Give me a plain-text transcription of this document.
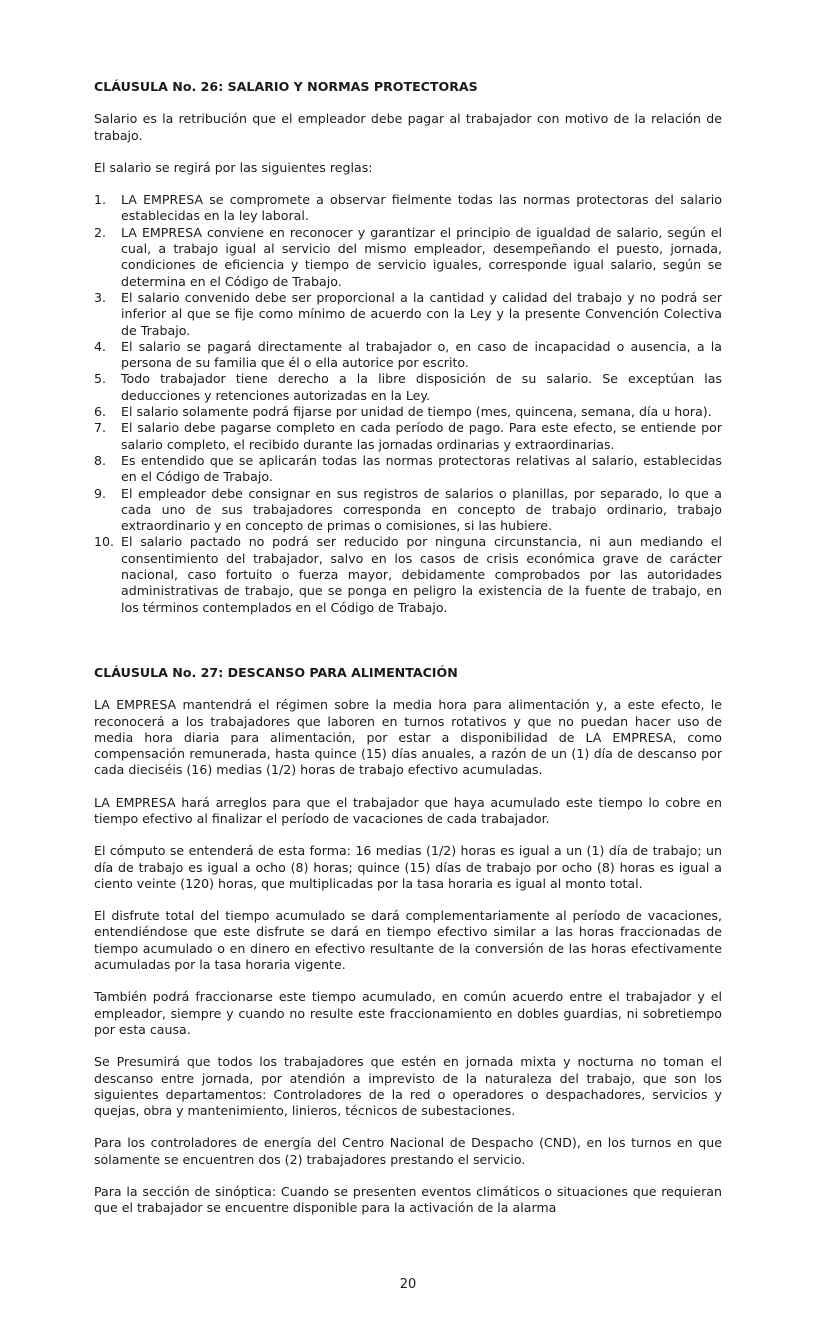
CLÁUSULA No. 26: SALARIO Y NORMAS PROTECTORAS

Salario es la retribución que el empleador debe pagar al trabajador con motivo de la relación de trabajo.

El salario se regirá por las siguientes reglas:

1. LA EMPRESA se compromete a observar fielmente todas las normas protectoras del salario establecidas en la ley laboral.
2. LA EMPRESA conviene en reconocer y garantizar el principio de igualdad de salario, según el cual, a trabajo igual al servicio del mismo empleador, desempeñando el puesto, jornada, condiciones de eficiencia y tiempo de servicio iguales, corresponde igual salario, según se determina en el Código de Trabajo.
3. El salario convenido debe ser proporcional a la cantidad y calidad del trabajo y no podrá ser inferior al que se fije como mínimo de acuerdo con la Ley y la presente Convención Colectiva de Trabajo.
4. El salario se pagará directamente al trabajador o, en caso de incapacidad o ausencia, a la persona de su familia que él o ella autorice por escrito.
5. Todo trabajador tiene derecho a la libre disposición de su salario. Se exceptúan las deducciones y retenciones autorizadas en la Ley.
6. El salario solamente podrá fijarse por unidad de tiempo (mes, quincena, semana, día u hora).
7. El salario debe pagarse completo en cada período de pago. Para este efecto, se entiende por salario completo, el recibido durante las jornadas ordinarias y extraordinarias.
8. Es entendido que se aplicarán todas las normas protectoras relativas al salario, establecidas en el Código de Trabajo.
9. El empleador debe consignar en sus registros de salarios o planillas, por separado, lo que a cada uno de sus trabajadores corresponda en concepto de trabajo ordinario, trabajo extraordinario y en concepto de primas o comisiones, si las hubiere.
10. El salario pactado no podrá ser reducido por ninguna circunstancia, ni aun mediando el consentimiento del trabajador, salvo en los casos de crisis económica grave de carácter nacional, caso fortuito o fuerza mayor, debidamente comprobados por las autoridades administrativas de trabajo, que se ponga en peligro la existencia de la fuente de trabajo, en los términos contemplados en el Código de Trabajo.

CLÁUSULA No. 27: DESCANSO PARA ALIMENTACIÓN

LA EMPRESA mantendrá el régimen sobre la media hora para alimentación y, a este efecto, le reconocerá a los trabajadores que laboren en turnos rotativos y que no puedan hacer uso de media hora diaria para alimentación, por estar a disponibilidad de LA EMPRESA, como compensación remunerada, hasta quince (15) días anuales, a razón de un (1) día de descanso por cada dieciséis (16) medias (1/2) horas de trabajo efectivo acumuladas.

LA EMPRESA hará arreglos para que el trabajador que haya acumulado este tiempo lo cobre en tiempo efectivo al finalizar el período de vacaciones de cada trabajador.

El cómputo se entenderá de esta forma: 16 medias (1/2) horas es igual a un (1) día de trabajo; un día de trabajo es igual a ocho (8) horas; quince (15) días de trabajo por ocho (8) horas es igual a ciento veinte (120) horas, que multiplicadas por la tasa horaria es igual al monto total.

El disfrute total del tiempo acumulado se dará complementariamente al período de vacaciones, entendiéndose que este disfrute se dará en tiempo efectivo similar a las horas fraccionadas de tiempo acumulado o en dinero en efectivo resultante de la conversión de las horas efectivamente acumuladas por la tasa horaria vigente.

También podrá fraccionarse este tiempo acumulado, en común acuerdo entre el trabajador y el empleador, siempre y cuando no resulte este fraccionamiento en dobles guardias, ni sobretiempo por esta causa.

Se Presumirá que todos los trabajadores que estén en jornada mixta y nocturna no toman el descanso entre jornada, por atendión a imprevisto de la naturaleza del trabajo, que son los siguientes departamentos: Controladores de la red o operadores o despachadores, servicios y quejas, obra y mantenimiento, linieros, técnicos de subestaciones.

Para los controladores de energía del Centro Nacional de Despacho (CND), en los turnos en que solamente se encuentren dos (2) trabajadores prestando el servicio.

Para la sección de sinóptica: Cuando se presenten eventos climáticos o situaciones que requieran que el trabajador se encuentre disponible para la activación de la alarma

20
